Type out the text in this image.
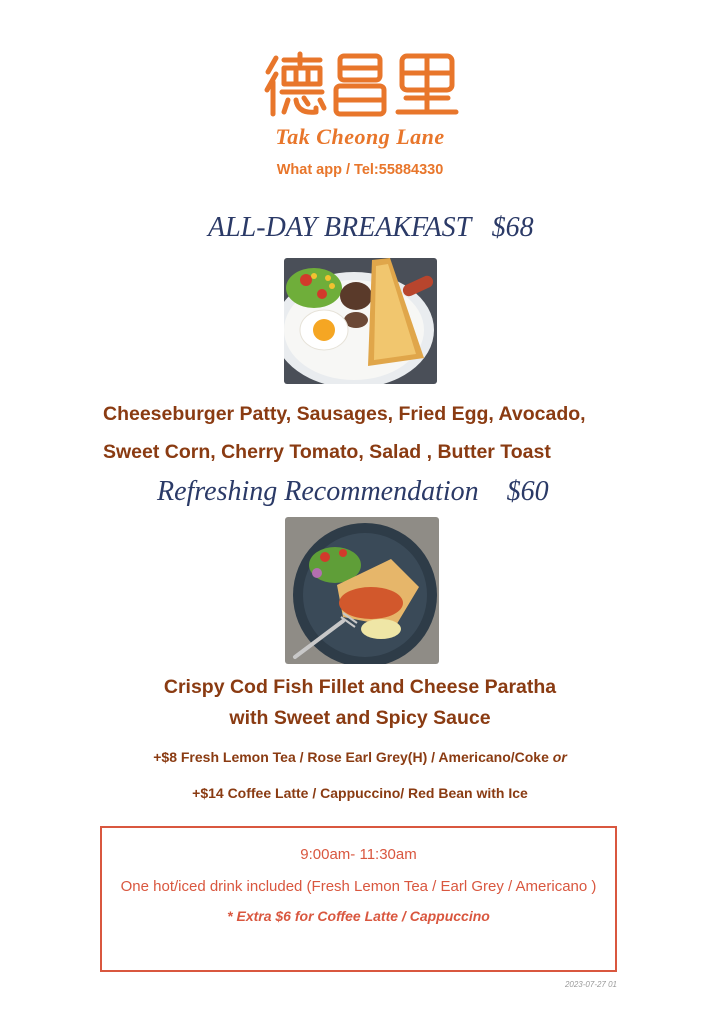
Tak Cheong Lane
What app / Tel:55884330
ALL-DAY BREAKFAST   $68
Cheeseburger Patty, Sausages, Fried Egg, Avocado,
Sweet Corn, Cherry Tomato, Salad , Butter Toast
Refreshing Recommendation    $60
Crispy Cod Fish Fillet and Cheese Paratha
with Sweet and Spicy Sauce
+$8 Fresh Lemon Tea / Rose Earl Grey(H) / Americano/Coke or
+$14 Coffee Latte / Cappuccino/ Red Bean with Ice
9:00am- 11:30am
One hot/iced drink included (Fresh Lemon Tea / Earl Grey / Americano )
* Extra $6 for Coffee Latte / Cappuccino
2023-07-27 01
